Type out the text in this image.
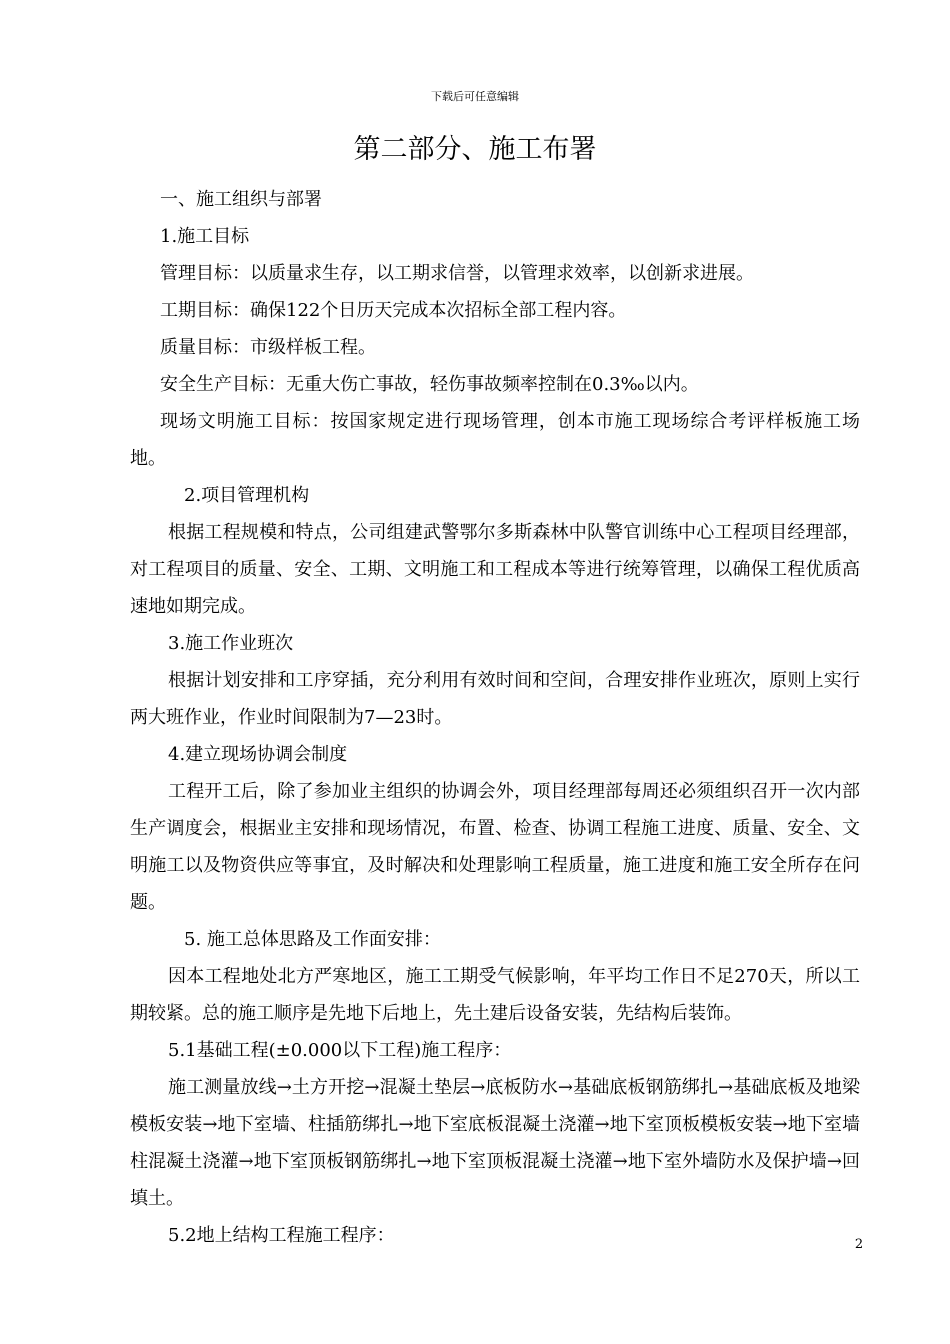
下载后可任意编辑
第二部分、施工布署

一、施工组织与部署

1.施工目标

管理目标：以质量求生存，以工期求信誉，以管理求效率，以创新求进展。

工期目标：确保122个日历天完成本次招标全部工程内容。

质量目标：市级样板工程。

安全生产目标：无重大伤亡事故，轻伤事故频率控制在0.3‰以内。

现场文明施工目标：按国家规定进行现场管理，创本市施工现场综合考评样板施工场地。

2.项目管理机构

根据工程规模和特点，公司组建武警鄂尔多斯森林中队警官训练中心工程项目经理部，对工程项目的质量、安全、工期、文明施工和工程成本等进行统筹管理，以确保工程优质高速地如期完成。

3.施工作业班次

根据计划安排和工序穿插，充分利用有效时间和空间，合理安排作业班次，原则上实行两大班作业，作业时间限制为7—23时。

4.建立现场协调会制度

工程开工后，除了参加业主组织的协调会外，项目经理部每周还必须组织召开一次内部生产调度会，根据业主安排和现场情况，布置、检查、协调工程施工进度、质量、安全、文明施工以及物资供应等事宜，及时解决和处理影响工程质量，施工进度和施工安全所存在问题。

5. 施工总体思路及工作面安排：

因本工程地处北方严寒地区，施工工期受气候影响，年平均工作日不足270天，所以工期较紧。总的施工顺序是先地下后地上，先土建后设备安装，先结构后装饰。

5.1基础工程(±0.000以下工程)施工程序：

施工测量放线→土方开挖→混凝土垫层→底板防水→基础底板钢筋绑扎→基础底板及地梁模板安装→地下室墙、柱插筋绑扎→地下室底板混凝土浇灌→地下室顶板模板安装→地下室墙柱混凝土浇灌→地下室顶板钢筋绑扎→地下室顶板混凝土浇灌→地下室外墙防水及保护墙→回填土。

5.2地上结构工程施工程序：	2
